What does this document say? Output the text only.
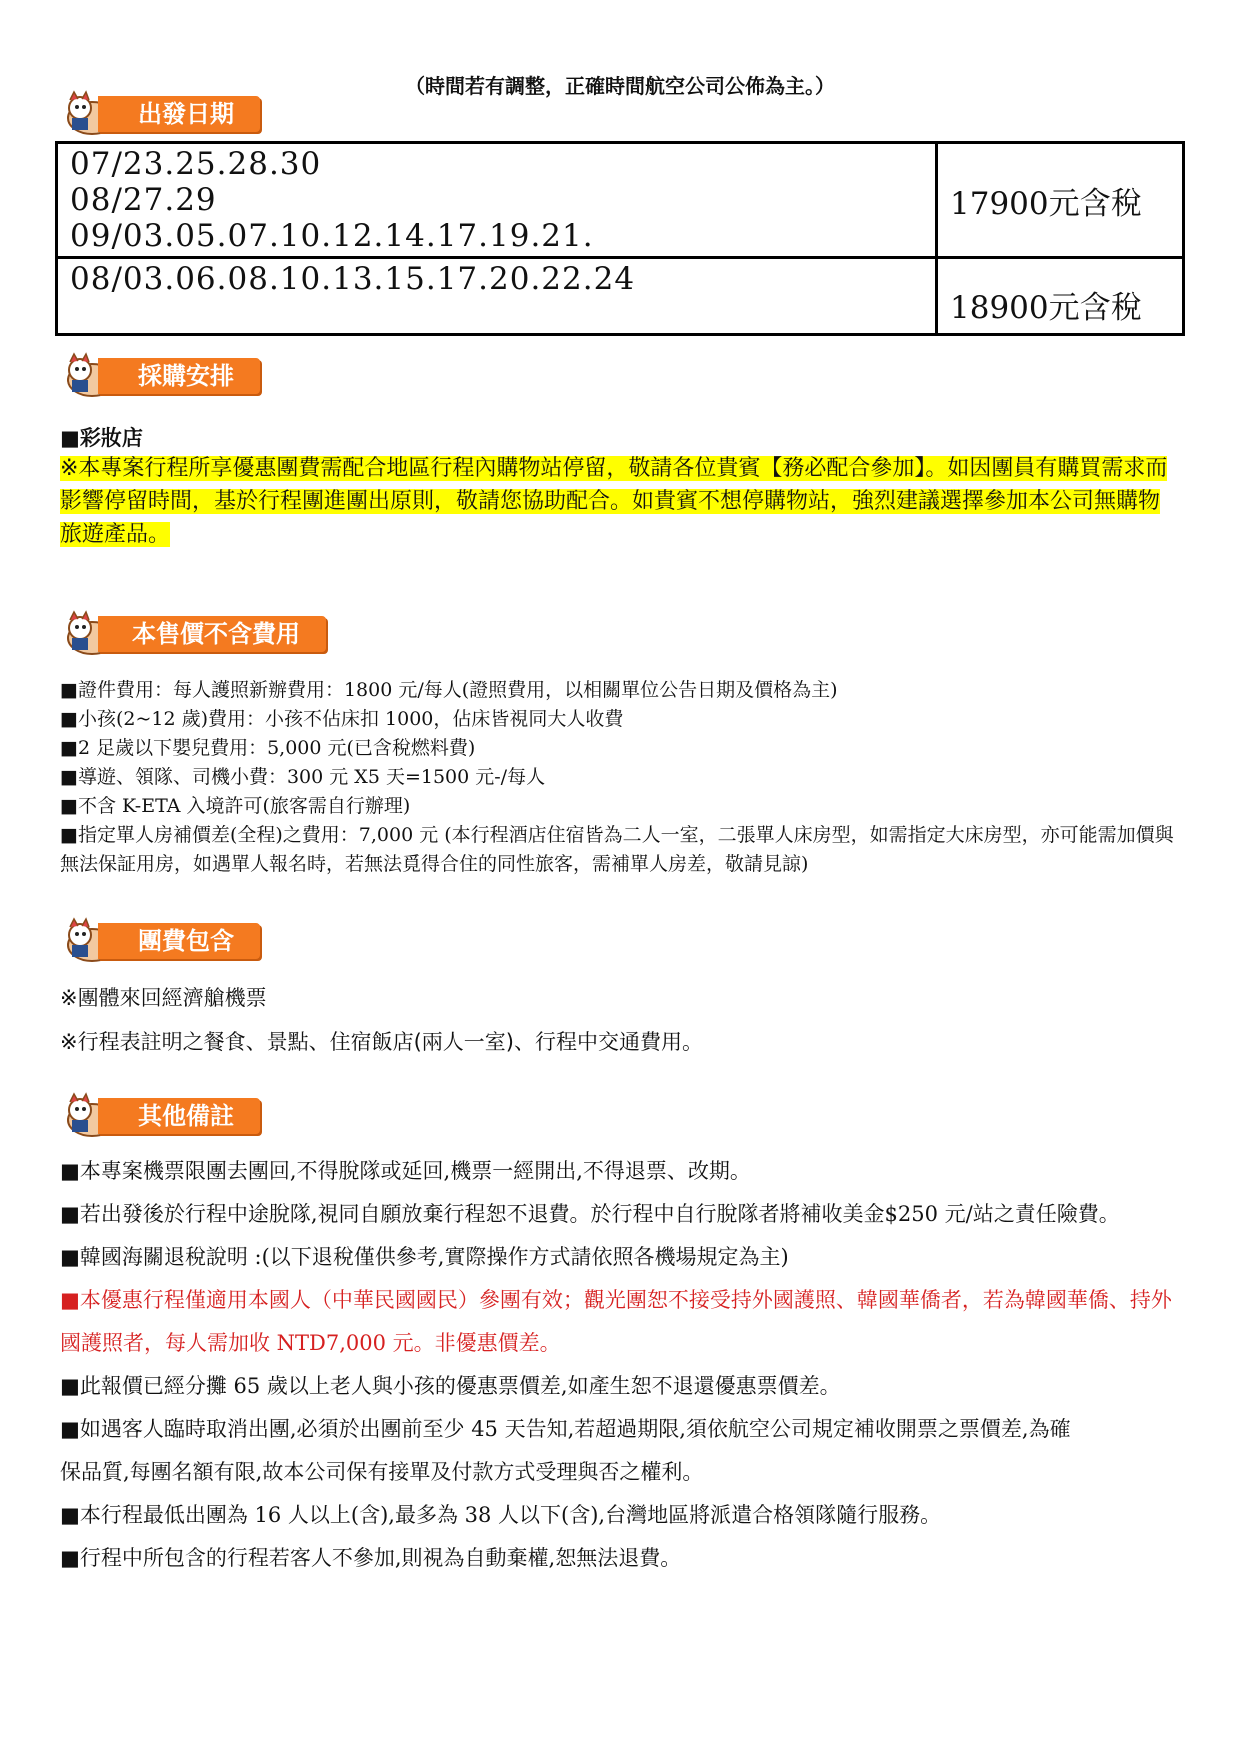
（時間若有調整，正確時間航空公司公佈為主。）
出發日期
07/23.25.28.30
08/27.29
09/03.05.07.10.12.14.17.19.21.	17900元含稅

08/03.06.08.10.13.15.17.20.22.24	18900元含稅
採購安排
■彩妝店
※本專案行程所享優惠團費需配合地區行程內購物站停留，敬請各位貴賓【務必配合參加】。如因團員有購買需求而影響停留時間，基於行程團進團出原則，敬請您協助配合。如貴賓不想停購物站，強烈建議選擇參加本公司無購物旅遊產品。
本售價不含費用
■證件費用：每人護照新辦費用：1800 元/每人(證照費用，以相關單位公告日期及價格為主)
■小孩(2~12 歲)費用：小孩不佔床扣 1000，佔床皆視同大人收費
■2 足歲以下嬰兒費用：5,000 元(已含稅燃料費)
■導遊、領隊、司機小費：300 元 X5 天=1500 元-/每人
■不含 K-ETA 入境許可(旅客需自行辦理)
■指定單人房補價差(全程)之費用：7,000 元 (本行程酒店住宿皆為二人一室，二張單人床房型，如需指定大床房型，亦可能需加價與無法保証用房，如遇單人報名時，若無法覓得合住的同性旅客，需補單人房差，敬請見諒)
團費包含
※團體來回經濟艙機票
※行程表註明之餐食、景點、住宿飯店(兩人一室)、行程中交通費用。
其他備註
■本專案機票限團去團回,不得脫隊或延回,機票一經開出,不得退票、改期。
■若出發後於行程中途脫隊,視同自願放棄行程恕不退費。於行程中自行脫隊者將補收美金$250 元/站之責任險費。
■韓國海關退稅說明 :(以下退稅僅供參考,實際操作方式請依照各機場規定為主)
■本優惠行程僅適用本國人（中華民國國民）參團有效；觀光團恕不接受持外國護照、韓國華僑者，若為韓國華僑、持外國護照者，每人需加收 NTD7,000 元。非優惠價差。
■此報價已經分攤 65 歲以上老人與小孩的優惠票價差,如產生恕不退還優惠票價差。
■如遇客人臨時取消出團,必須於出團前至少 45 天告知,若超過期限,須依航空公司規定補收開票之票價差,為確
保品質,每團名額有限,故本公司保有接單及付款方式受理與否之權利。
■本行程最低出團為 16 人以上(含),最多為 38 人以下(含),台灣地區將派遣合格領隊隨行服務。
■行程中所包含的行程若客人不參加,則視為自動棄權,恕無法退費。
